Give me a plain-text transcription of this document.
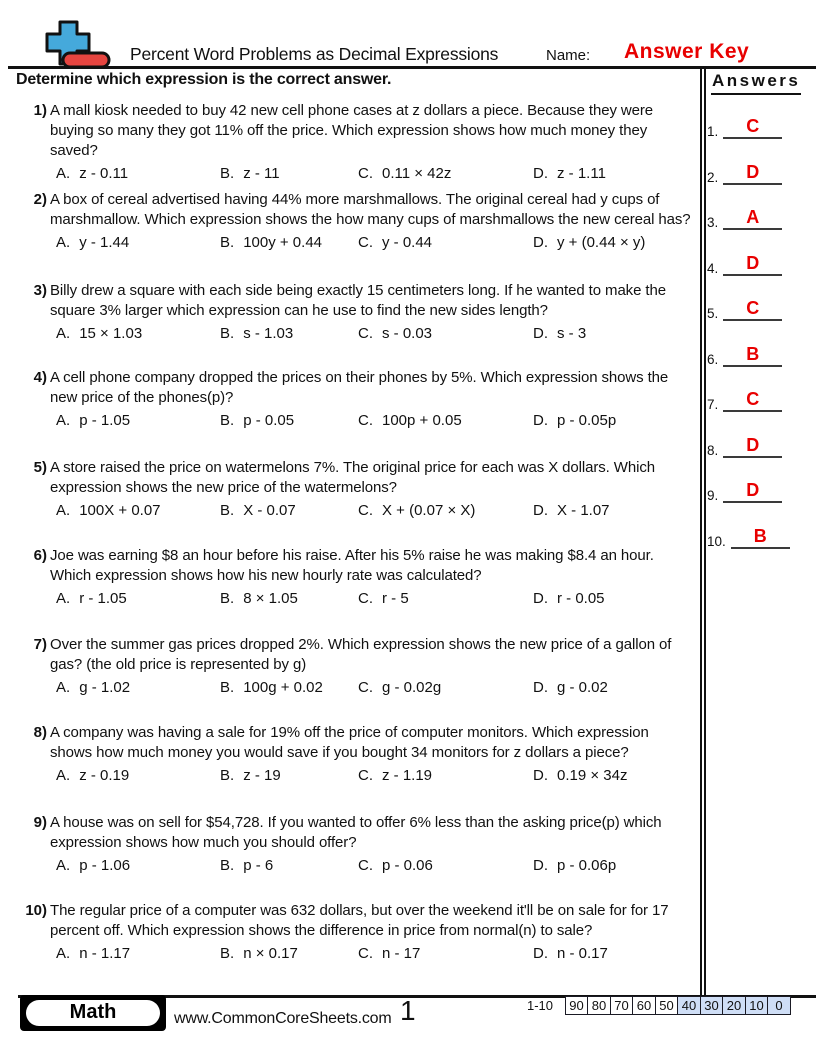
Percent Word Problems as Decimal Expressions	Name: Answer Key
Determine which expression is the correct answer.	Answers
1.	C
2.	D
3.	A
4.	D
5.	C
6.	B
7.	C
8.	D
9.	D
10.	B
1) A mall kiosk needed to buy 42 new cell phone cases at z dollars a piece. Because they were buying so many they got 11% off the price. Which expression shows how much money they saved?
A. z - 0.11	B. z - 11	C. 0.11 × 42z	D. z - 1.11
2) A box of cereal advertised having 44% more marshmallows. The original cereal had y cups of marshmallow. Which expression shows the how many cups of marshmallows the new cereal has?
A. y - 1.44	B. 100y + 0.44	C. y - 0.44	D. y + (0.44 × y)
3) Billy drew a square with each side being exactly 15 centimeters long. If he wanted to make the square 3% larger which expression can he use to find the new sides length?
A. 15 × 1.03	B. s - 1.03	C. s - 0.03	D. s - 3
4) A cell phone company dropped the prices on their phones by 5%. Which expression shows the new price of the phones(p)?
A. p - 1.05	B. p - 0.05	C. 100p + 0.05	D. p - 0.05p
5) A store raised the price on watermelons 7%. The original price for each was X dollars. Which expression shows the new price of the watermelons?
A. 100X + 0.07	B. X - 0.07	C. X + (0.07 × X)	D. X - 1.07
6) Joe was earning $8 an hour before his raise. After his 5% raise he was making $8.4 an hour. Which expression shows how his new hourly rate was calculated?
A. r - 1.05	B. 8 × 1.05	C. r - 5	D. r - 0.05
7) Over the summer gas prices dropped 2%. Which expression shows the new price of a gallon of gas? (the old price is represented by g)
A. g - 1.02	B. 100g + 0.02	C. g - 0.02g	D. g - 0.02
8) A company was having a sale for 19% off the price of computer monitors. Which expression shows how much money you would save if you bought 34 monitors for z dollars a piece?
A. z - 0.19	B. z - 19	C. z - 1.19	D. 0.19 × 34z
9) A house was on sell for $54,728. If you wanted to offer 6% less than the asking price(p) which expression shows how much you should offer?
A. p - 1.06	B. p - 6	C. p - 0.06	D. p - 0.06p
10) The regular price of a computer was 632 dollars, but over the weekend it'll be on sale for for 17 percent off. Which expression shows the difference in price from normal(n) to sale?
A. n - 1.17	B. n × 0.17	C. n - 17	D. n - 0.17
Math	www.CommonCoreSheets.com 1	1-10	90 80 70 60 50 40 30 20 10 0
